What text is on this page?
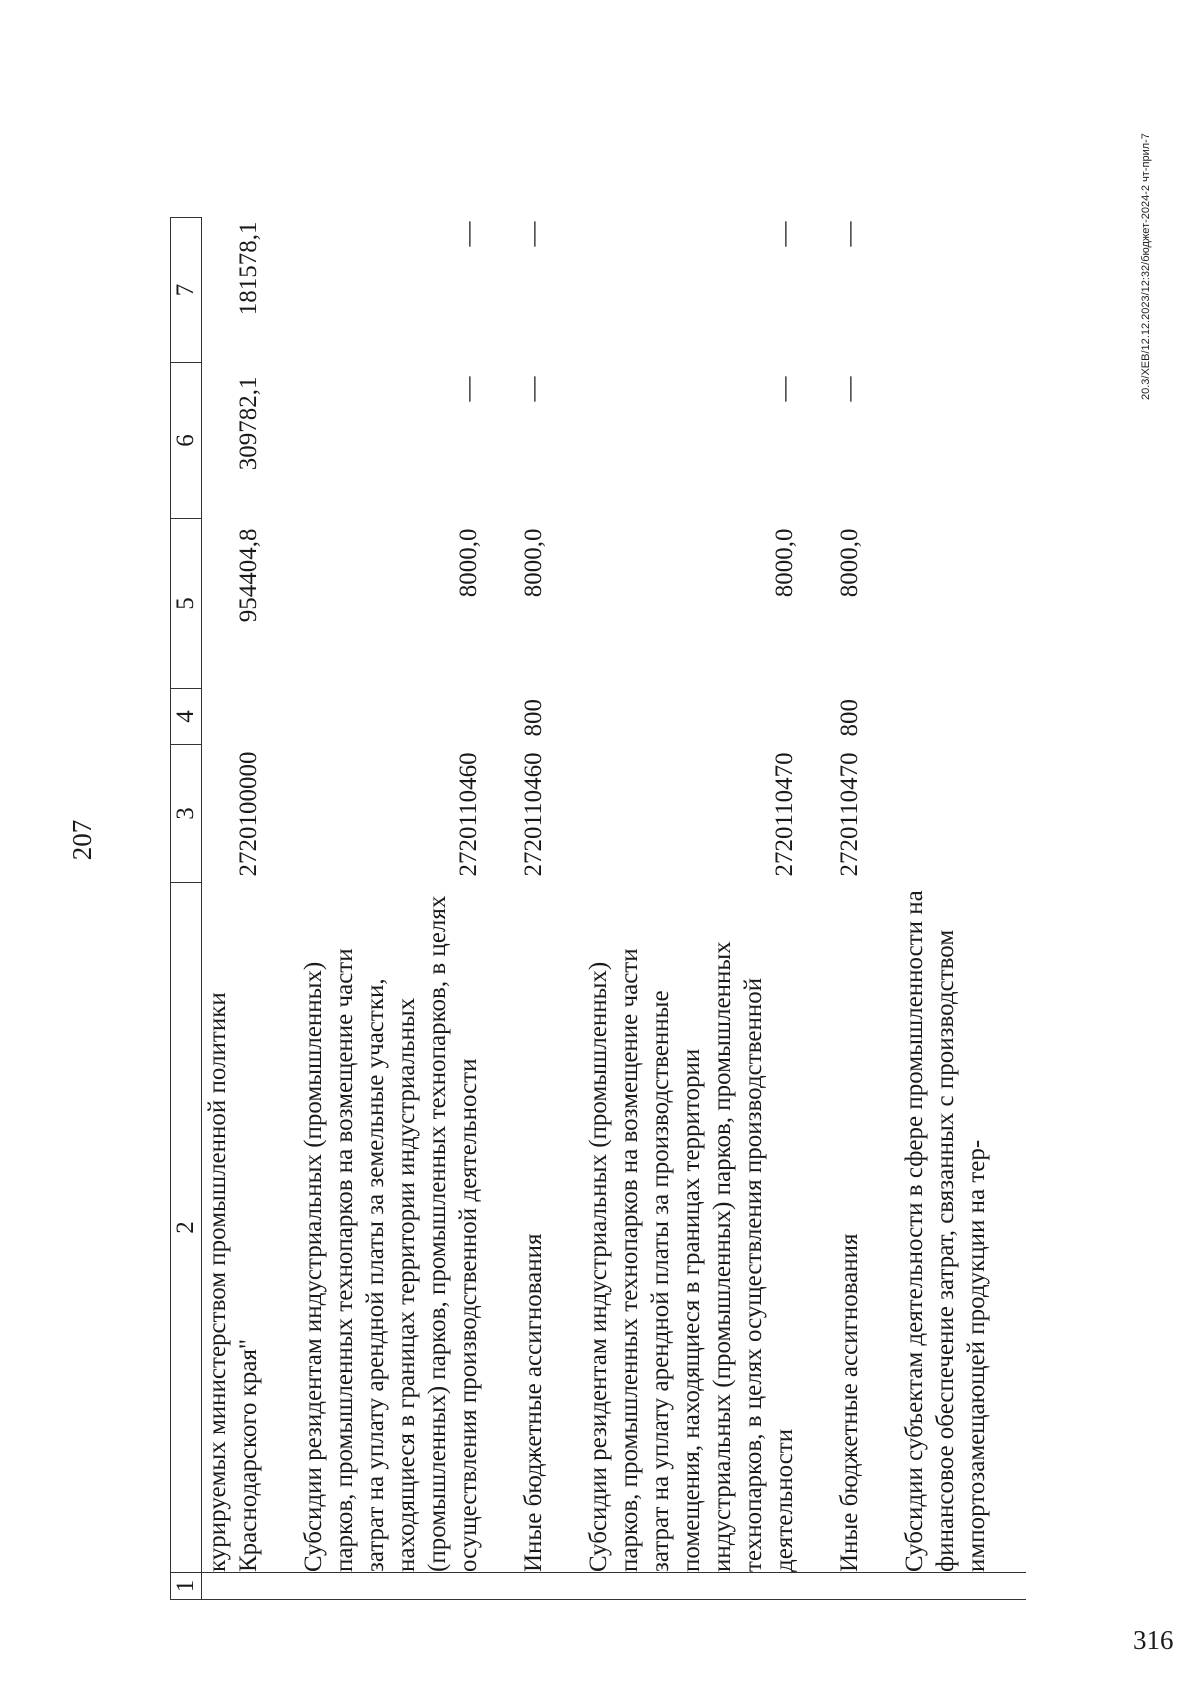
316
20.3/XEB/12.12.2023/12:32/бюджет-2024-2 чт-прил-7
207
1	2	3	4	5	6	7
	курируемых министерством промышленной политики Краснодарского края"	2720100000		954404,8	309782,1	181578,1
	Субсидии резидентам индустриальных (промышленных) парков, промышленных технопарков на возмещение части затрат на уплату арендной платы за земельные участки, находящиеся в границах территории индустриальных (промышленных) парков, промышленных технопарков, в целях осуществления производственной деятельности	2720110460		8000,0	—	—
	Иные бюджетные ассигнования	2720110460	800	8000,0	—	—
	Субсидии резидентам индустриальных (промышленных) парков, промышленных технопарков на возмещение части затрат на уплату арендной платы за производственные помещения, находящиеся в границах территории индустриальных (промышленных) парков, промышленных технопарков, в целях осуществления производственной деятельности	2720110470		8000,0	—	—
	Иные бюджетные ассигнования	2720110470	800	8000,0	—	—
	Субсидии субъектам деятельности в сфере промышленности на финансовое обеспечение затрат, связанных с производством импортозамещающей продукции на тер-					
